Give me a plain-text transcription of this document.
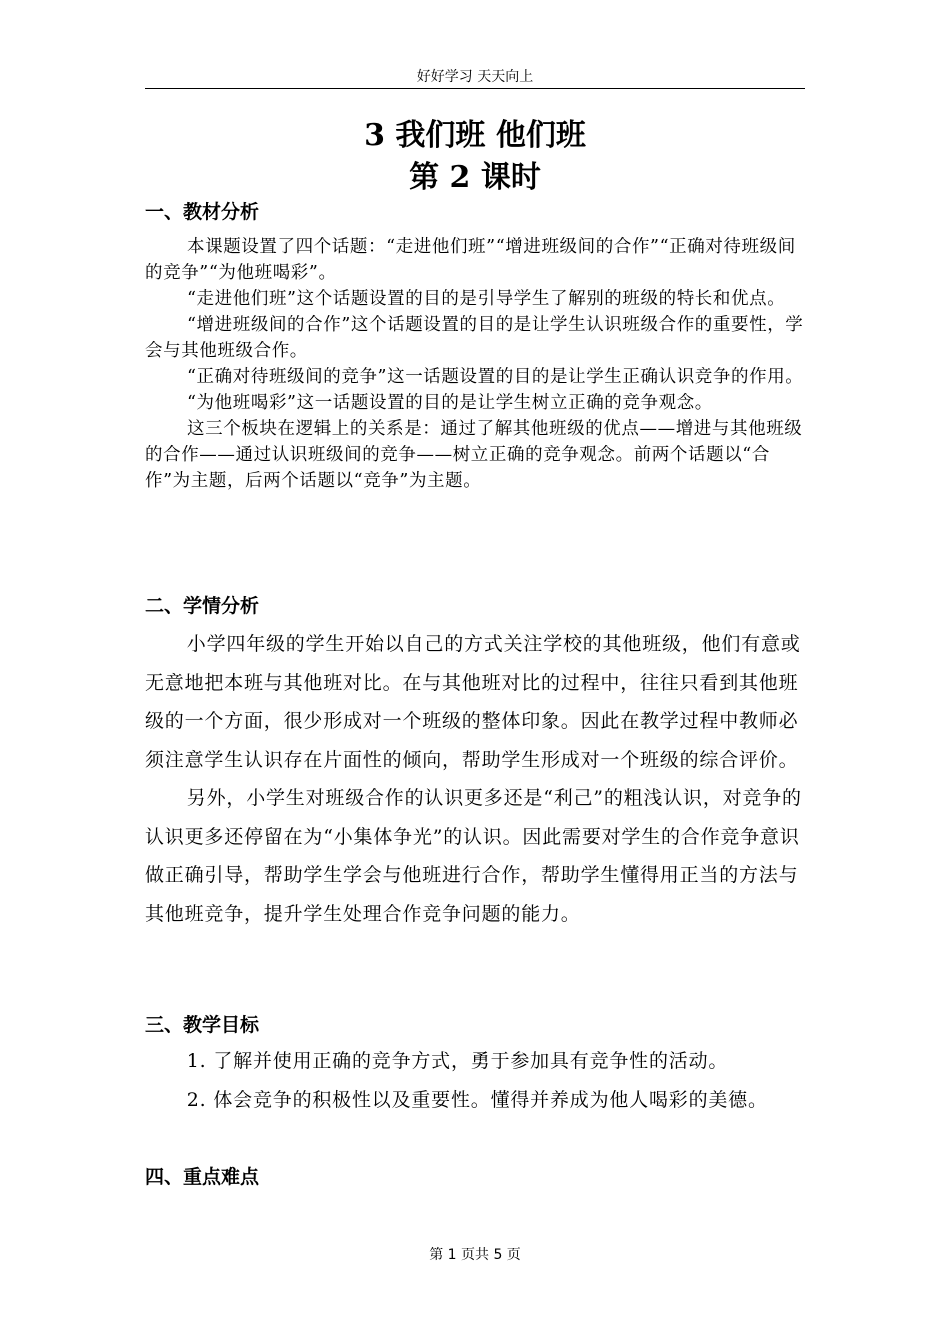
好好学习 天天向上
3 我们班 他们班
第 2 课时
一、教材分析

本课题设置了四个话题：“走进他们班”“增进班级间的合作”“正确对待班级间的竞争”“为他班喝彩”。

“走进他们班”这个话题设置的目的是引导学生了解别的班级的特长和优点。

“增进班级间的合作”这个话题设置的目的是让学生认识班级合作的重要性，学会与其他班级合作。

“正确对待班级间的竞争”这一话题设置的目的是让学生正确认识竞争的作用。

“为他班喝彩”这一话题设置的目的是让学生树立正确的竞争观念。

这三个板块在逻辑上的关系是：通过了解其他班级的优点——增进与其他班级的合作——通过认识班级间的竞争——树立正确的竞争观念。前两个话题以“合作”为主题，后两个话题以“竞争”为主题。

二、学情分析

小学四年级的学生开始以自己的方式关注学校的其他班级，他们有意或无意地把本班与其他班对比。在与其他班对比的过程中，往往只看到其他班级的一个方面，很少形成对一个班级的整体印象。因此在教学过程中教师必须注意学生认识存在片面性的倾向，帮助学生形成对一个班级的综合评价。

另外，小学生对班级合作的认识更多还是“利己”的粗浅认识，对竞争的认识更多还停留在为“小集体争光”的认识。因此需要对学生的合作竞争意识做正确引导，帮助学生学会与他班进行合作，帮助学生懂得用正当的方法与其他班竞争，提升学生处理合作竞争问题的能力。

三、教学目标

1. 了解并使用正确的竞争方式，勇于参加具有竞争性的活动。

2. 体会竞争的积极性以及重要性。懂得并养成为他人喝彩的美德。

四、重点难点
第 1 页共 5 页
